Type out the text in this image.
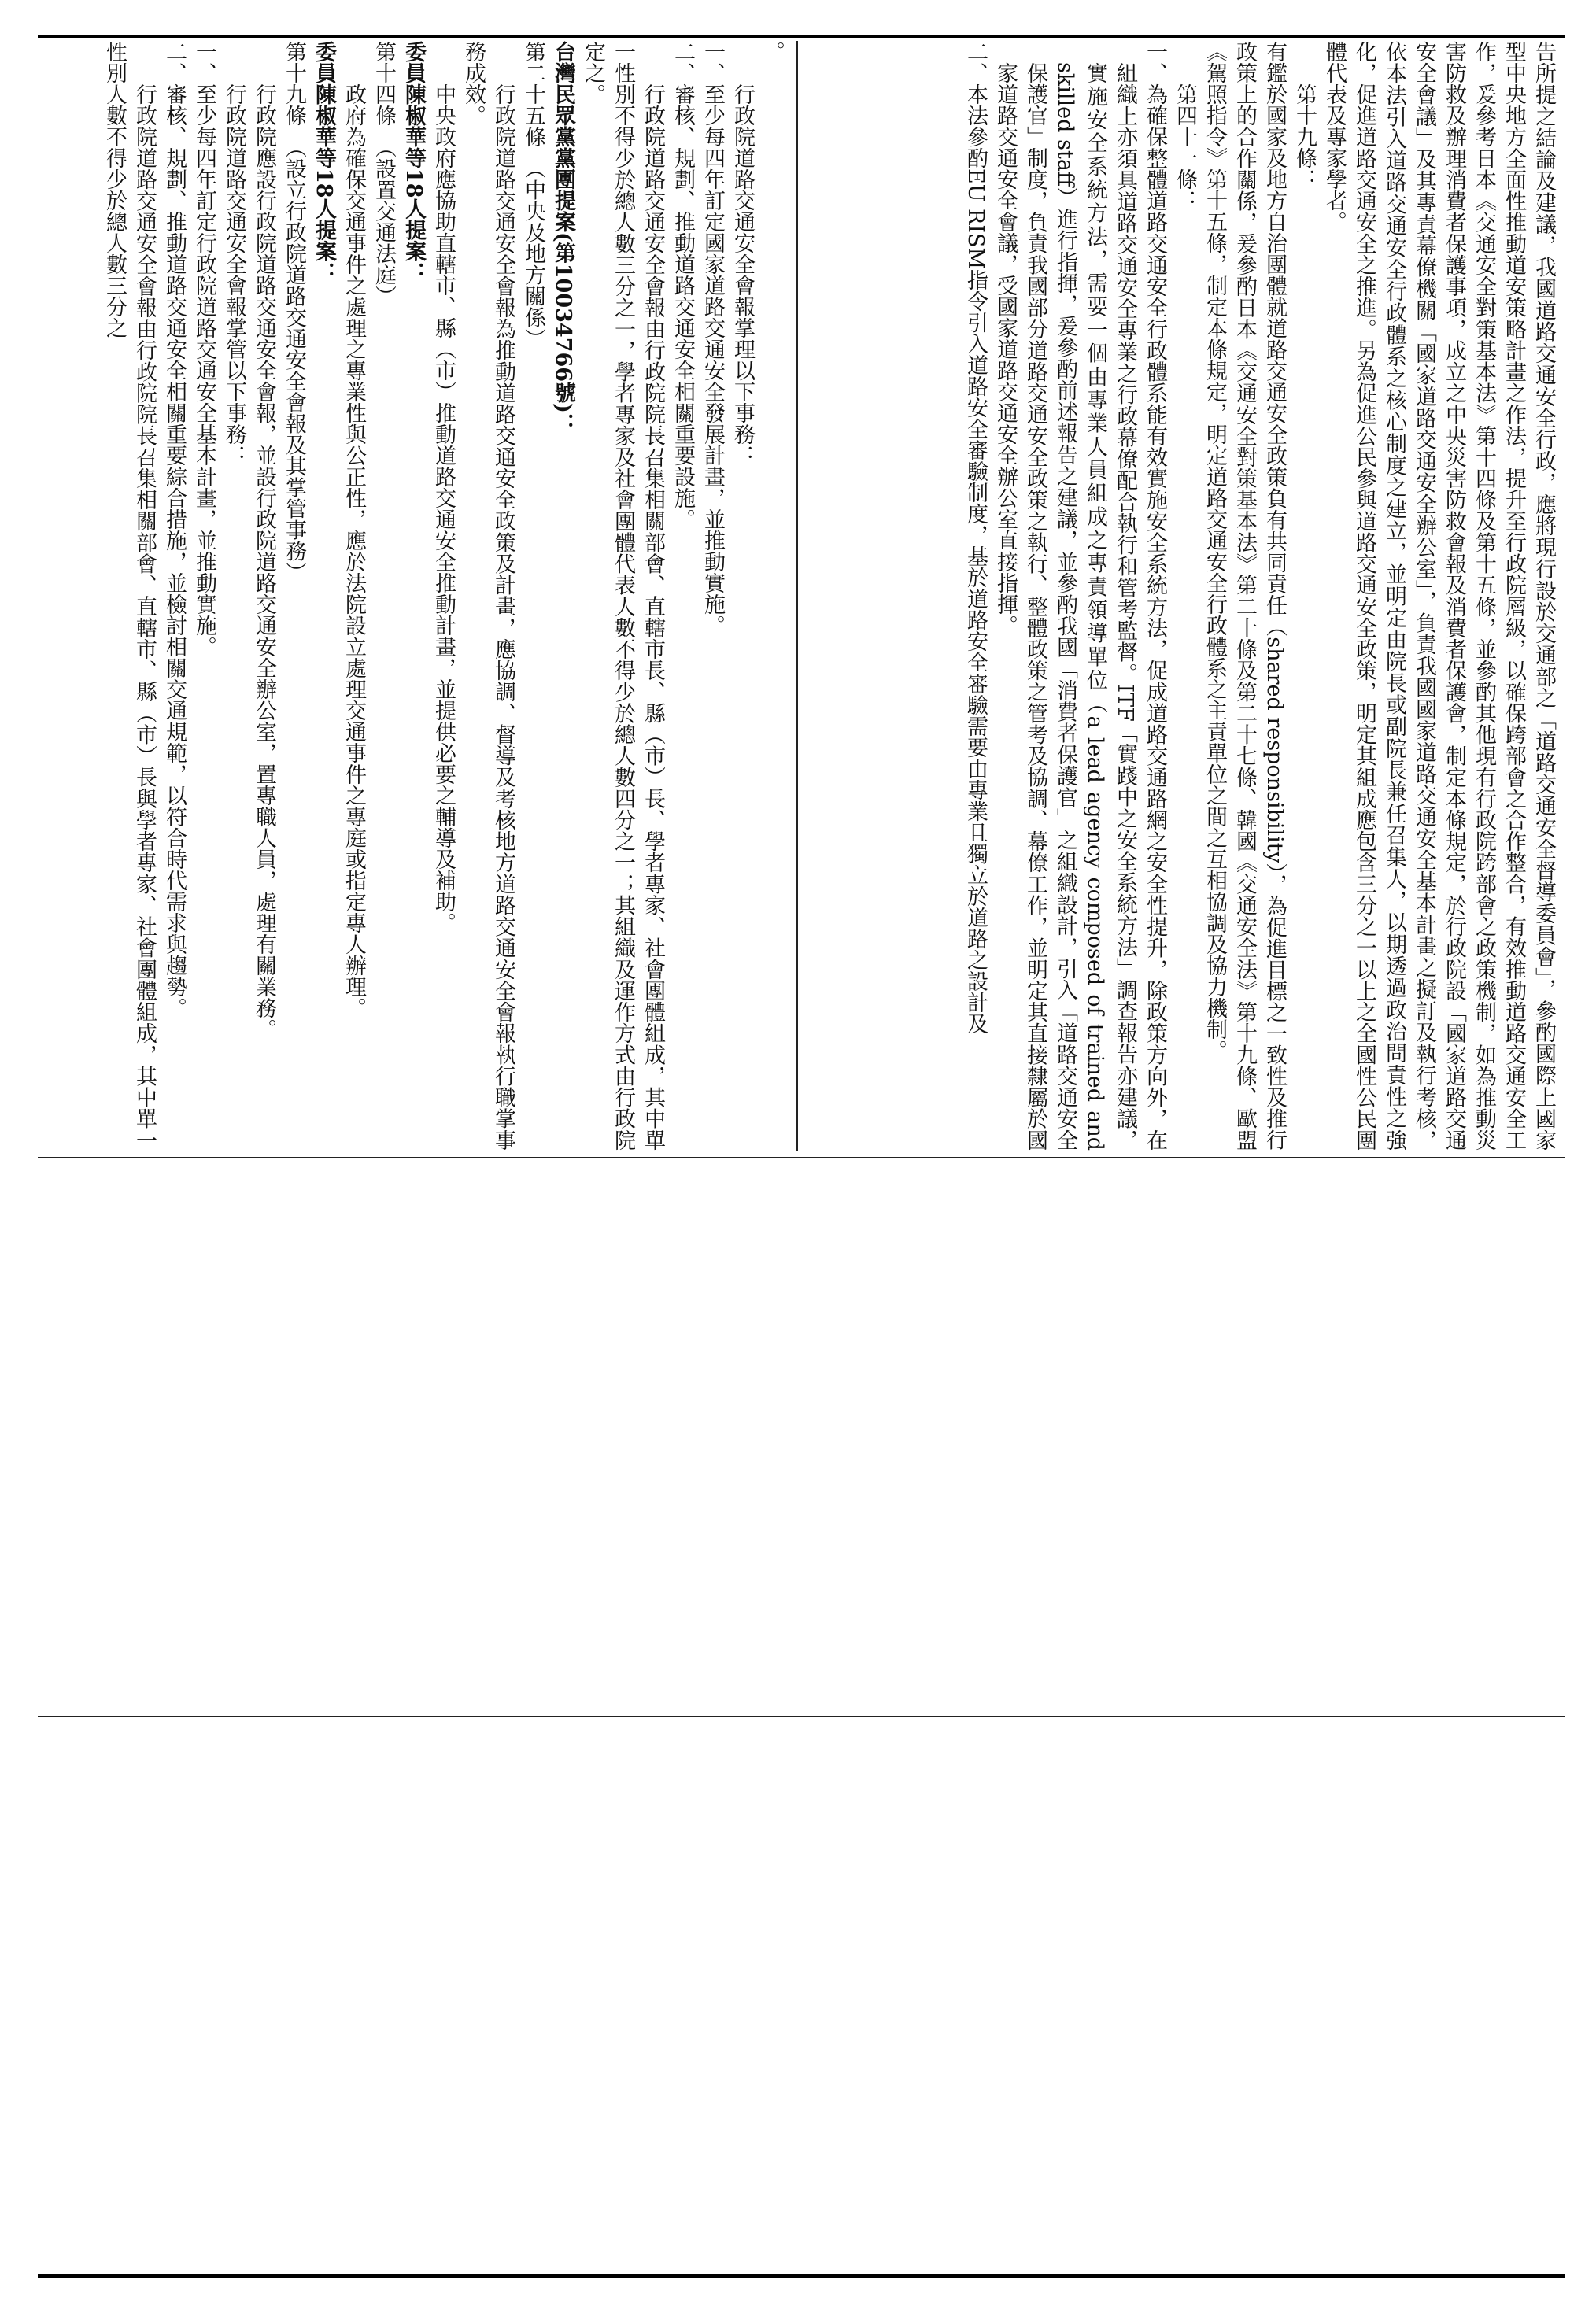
告所提之結論及建議，我國道路交通安全行政，應將現行設於交通部之「道路交通安全督導委員會」，參酌國際上國家型中央地方全面性推動道安策略計畫之作法，提升至行政院層級，以確保跨部會之合作整合，有效推動道路交通安全工作，爰參考日本《交通安全對策基本法》第十四條及第十五條，並參酌其他現有行政院跨部會之政策機制，如為推動災害防救及辦理消費者保護事項，成立之中央災害防救會報及消費者保護會，制定本條規定，於行政院設「國家道路交通安全會議」及其專責幕僚機關「國家道路交通安全辦公室」，負責我國國家道路交通安全基本計畫之擬訂及執行考核，依本法引入道路交通安全行政體系之核心制度之建立，並明定由院長或副院長兼任召集人，以期透過政治問責性之強化，促進道路交通安全之推進。另為促進公民參與道路交通安全政策，明定其組成應包含三分之一以上之全國性公民團體代表及專家學者。

第十九條：

有鑑於國家及地方自治團體就道路交通安全政策負有共同責任（shared responsibility），為促進目標之一致性及推行政策上的合作關係，爰參酌日本《交通安全對策基本法》第二十條及第二十七條、韓國《交通安全法》第十九條、歐盟《駕照指令》第十五條，制定本條規定，明定道路交通安全行政體系之主責單位之間之互相協調及協力機制。

第四十一條：

一、為確保整體道路交通安全行政體系能有效實施安全系統方法，促成道路交通路網之安全性提升，除政策方向外，在組織上亦須具道路交通安全專業之行政幕僚配合執行和管考監督。ITF「實踐中之安全系統方法」調查報告亦建議，實施安全系統方法，需要一個由專業人員組成之專責領導單位（a lead agency composed of trained and skilled staff）進行指揮，爰參酌前述報告之建議，並參酌我國「消費者保護官」之組織設計，引入「道路交通安全保護官」制度，負責我國部分道路交通安全政策之執行、整體政策之管考及協調、幕僚工作，並明定其直接隸屬於國家道路交通安全會議，受國家道路交通安全辦公室直接指揮。

二、本法參酌EU RISM指令引入道路安全審驗制度，基於道路安全審驗需要由專業且獨立於道路之設計及

。

行政院道路交通安全會報掌理以下事務：

一、至少每四年訂定國家道路交通安全發展計畫，並推動實施。

二、審核、規劃、推動道路交通安全相關重要設施。

行政院道路交通安全會報由行政院院長召集相關部會、直轄市長、縣（市）長、學者專家、社會團體組成，其中單一性別不得少於總人數三分之一，學者專家及社會團體代表人數不得少於總人數四分之一；其組織及運作方式由行政院定之。

台灣民眾黨黨團提案(第10034766號)：

第二十五條　（中央及地方關係）

行政院道路交通安全會報為推動道路交通安全政策及計畫，應協調、督導及考核地方道路交通安全會報執行職掌事務成效。

中央政府應協助直轄市、縣（市）推動道路交通安全推動計畫，並提供必要之輔導及補助。

委員陳椒華等18人提案：

第十四條　（設置交通法庭）

政府為確保交通事件之處理之專業性與公正性，應於法院設立處理交通事件之專庭或指定專人辦理。

委員陳椒華等18人提案：

第十九條　（設立行政院道路交通安全會報及其掌管事務）

行政院應設行政院道路交通安全會報，並設行政院道路交通安全辦公室，置專職人員，處理有關業務。

行政院道路交通安全會報掌管以下事務：

一、至少每四年訂定行政院道路交通安全基本計畫，並推動實施。

二、審核、規劃、推動道路交通安全相關重要綜合措施，並檢討相關交通規範，以符合時代需求與趨勢。

行政院道路交通安全會報由行政院院長召集相關部會、直轄市、縣（市）長與學者專家、社會團體組成，其中單一性別人數不得少於總人數三分之
